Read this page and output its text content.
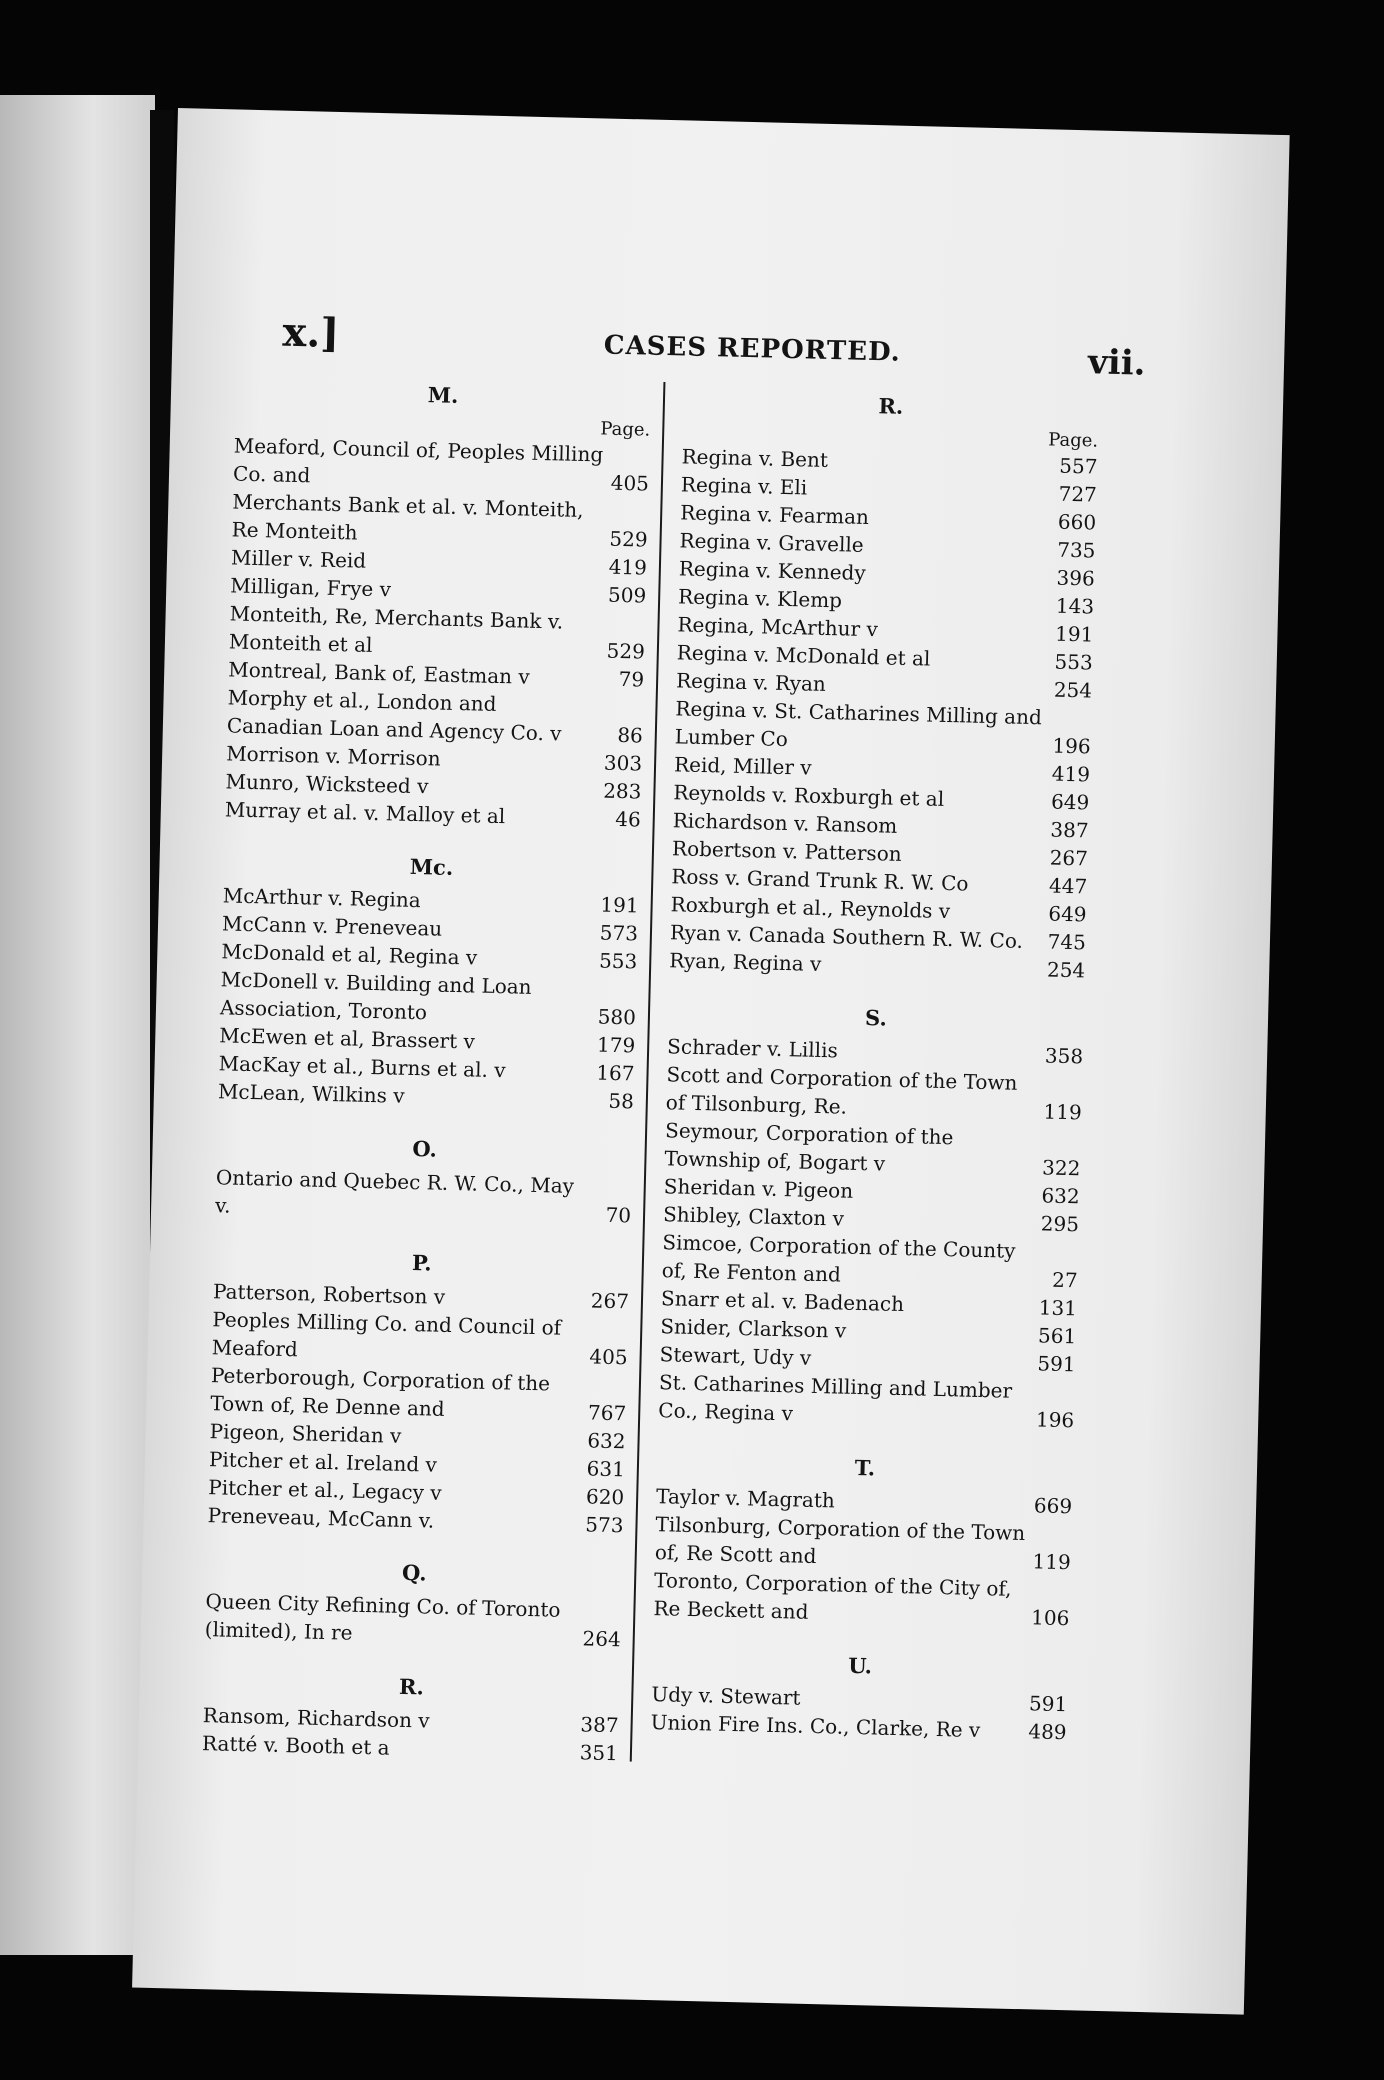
x.]	CASES REPORTED.	vii.
M.
Page.
Meaford, Council of, Peoples Milling Co. and	405
Merchants Bank et al. v. Monteith, Re Monteith	529
Miller v. Reid	419
Milligan, Frye v	509
Monteith, Re, Merchants Bank v. Monteith et al	529
Montreal, Bank of, Eastman v	79
Morphy et al., London and Canadian Loan and Agency Co. v	86
Morrison v. Morrison	303
Munro, Wicksteed v	283
Murray et al. v. Malloy et al	46
Mc.
McArthur v. Regina	191
McCann v. Preneveau	573
McDonald et al, Regina v	553
McDonell v. Building and Loan Association, Toronto	580
McEwen et al, Brassert v	179
MacKay et al., Burns et al. v	167
McLean, Wilkins v	58
O.
Ontario and Quebec R. W. Co., May v.	70
P.
Patterson, Robertson v	267
Peoples Milling Co. and Council of Meaford	405
Peterborough, Corporation of the Town of, Re Denne and	767
Pigeon, Sheridan v	632
Pitcher et al. Ireland v	631
Pitcher et al., Legacy v	620
Preneveau, McCann v.	573
Q.
Queen City Refining Co. of Toronto (limited), In re	264
R.
Ransom, Richardson v	387
Ratté v. Booth et a	351
R.
Page.
Regina v. Bent	557
Regina v. Eli	727
Regina v. Fearman	660
Regina v. Gravelle	735
Regina v. Kennedy	396
Regina v. Klemp	143
Regina, McArthur v	191
Regina v. McDonald et al	553
Regina v. Ryan	254
Regina v. St. Catharines Milling and Lumber Co	196
Reid, Miller v	419
Reynolds v. Roxburgh et al	649
Richardson v. Ransom	387
Robertson v. Patterson	267
Ross v. Grand Trunk R. W. Co	447
Roxburgh et al., Reynolds v	649
Ryan v. Canada Southern R. W. Co.	745
Ryan, Regina v	254
S.
Schrader v. Lillis	358
Scott and Corporation of the Town of Tilsonburg, Re.	119
Seymour, Corporation of the Township of, Bogart v	322
Sheridan v. Pigeon	632
Shibley, Claxton v	295
Simcoe, Corporation of the County of, Re Fenton and	27
Snarr et al. v. Badenach	131
Snider, Clarkson v	561
Stewart, Udy v	591
St. Catharines Milling and Lumber Co., Regina v	196
T.
Taylor v. Magrath	669
Tilsonburg, Corporation of the Town of, Re Scott and	119
Toronto, Corporation of the City of, Re Beckett and	106
U.
Udy v. Stewart	591
Union Fire Ins. Co., Clarke, Re v	489
